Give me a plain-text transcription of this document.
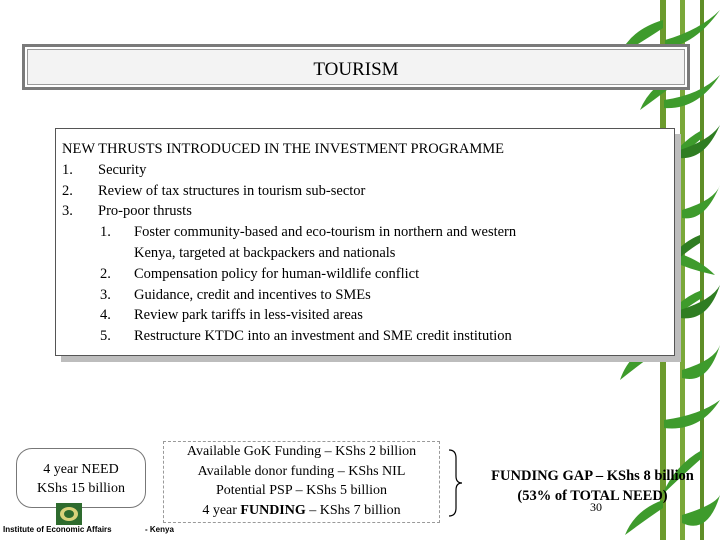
TOURISM
NEW THRUSTS INTRODUCED IN THE INVESTMENT PROGRAMME
1. Security
2. Review of tax structures in tourism sub-sector
3. Pro-poor thrusts
1. Foster community-based and eco-tourism in northern and western
Kenya, targeted at backpackers and nationals
2. Compensation policy for human-wildlife conflict
3. Guidance, credit and incentives to SMEs
4. Review park tariffs in less-visited areas
5. Restructure KTDC into an investment and SME credit institution
4 year NEED
KShs 15 billion
Available GoK Funding – KShs 2 billion
Available donor funding – KShs NIL
Potential PSP – KShs 5 billion
4 year FUNDING – KShs 7 billion
FUNDING GAP – KShs 8 billion
(53% of TOTAL NEED)
30
Institute of Economic Affairs	- Kenya
